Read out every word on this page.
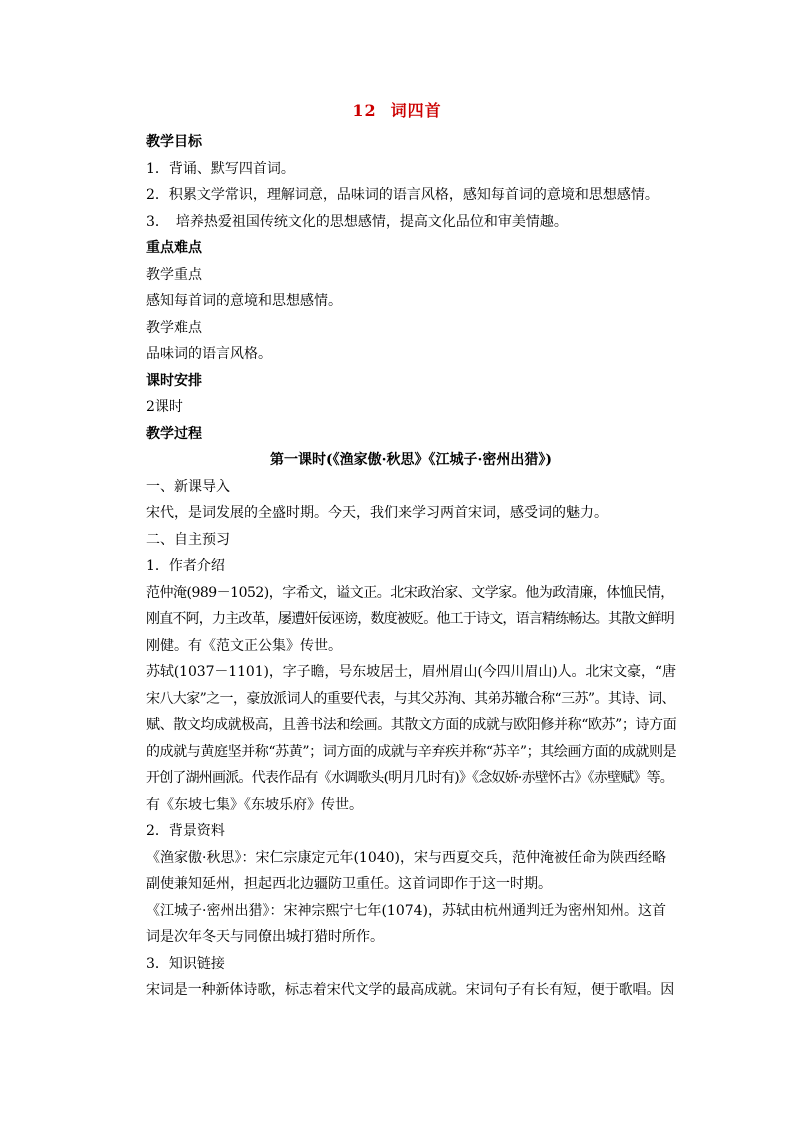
12 词四首
教学目标
1．背诵、默写四首词。
2．积累文学常识，理解词意，品味词的语言风格，感知每首词的意境和思想感情。
3．　培养热爱祖国传统文化的思想感情，提高文化品位和审美情趣。
重点难点
教学重点
感知每首词的意境和思想感情。
教学难点
品味词的语言风格。
课时安排
2课时
教学过程
第一课时(《渔家傲·秋思》《江城子·密州出猎》)
一、新课导入
宋代，是词发展的全盛时期。今天，我们来学习两首宋词，感受词的魅力。
二、自主预习
1．作者介绍
范仲淹(989－1052)，字希文，谥文正。北宋政治家、文学家。他为政清廉，体恤民情，
刚直不阿，力主改革，屡遭奸佞诬谤，数度被贬。他工于诗文，语言精练畅达。其散文鲜明
刚健。有《范文正公集》传世。
苏轼(1037－1101)，字子瞻，号东坡居士，眉州眉山(今四川眉山)人。北宋文豪，“唐
宋八大家”之一，豪放派词人的重要代表，与其父苏洵、其弟苏辙合称“三苏”。其诗、词、
赋、散文均成就极高，且善书法和绘画。其散文方面的成就与欧阳修并称“欧苏”；诗方面
的成就与黄庭坚并称“苏黄”；词方面的成就与辛弃疾并称“苏辛”；其绘画方面的成就则是
开创了湖州画派。代表作品有《水调歌头(明月几时有)》《念奴娇·赤壁怀古》《赤壁赋》等。
有《东坡七集》《东坡乐府》传世。
2．背景资料
《渔家傲·秋思》：宋仁宗康定元年(1040)，宋与西夏交兵，范仲淹被任命为陕西经略
副使兼知延州，担起西北边疆防卫重任。这首词即作于这一时期。
《江城子·密州出猎》：宋神宗熙宁七年(1074)，苏轼由杭州通判迁为密州知州。这首
词是次年冬天与同僚出城打猎时所作。
3．知识链接
宋词是一种新体诗歌，标志着宋代文学的最高成就。宋词句子有长有短，便于歌唱。因
